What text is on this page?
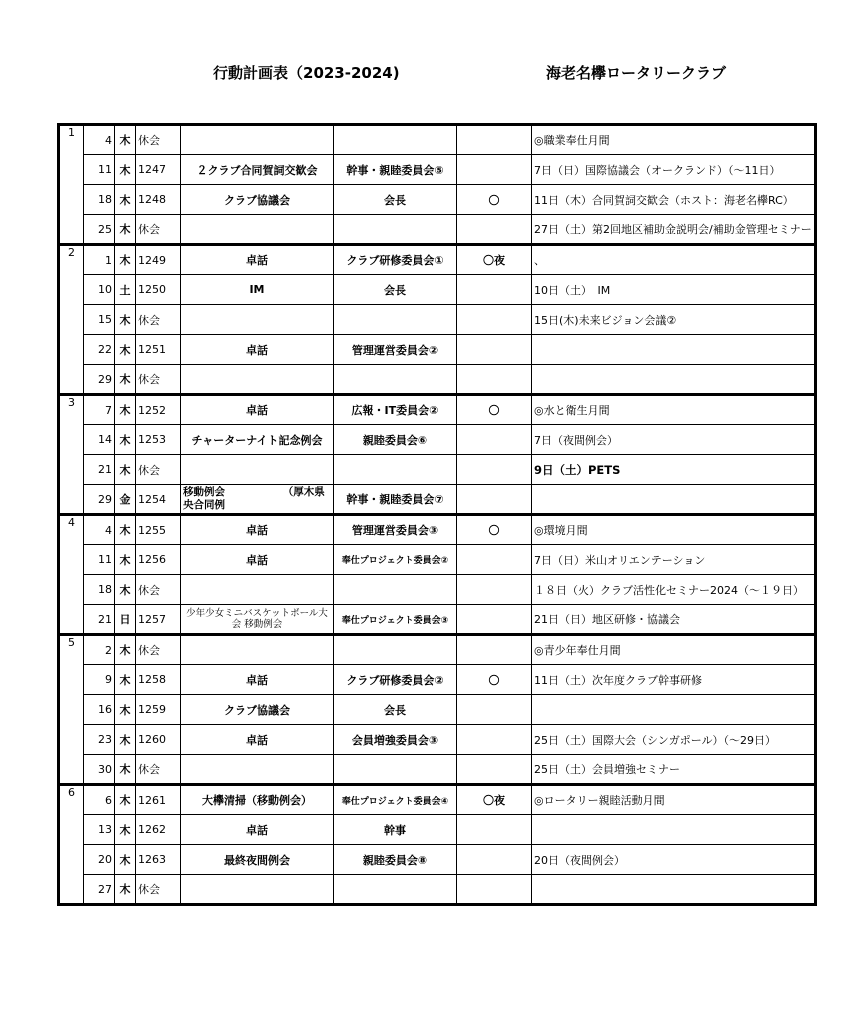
行動計画表（2023-2024)	海老名欅ロータリークラブ
1	4	木	休会				◎職業奉仕月間
	11	木	1247	２クラブ合同賀詞交歓会	幹事・親睦委員会⑤		7日（日）国際協議会（オークランド）（～11日）
	18	木	1248	クラブ協議会	会長	〇	11日（木）合同賀詞交歓会（ホスト：海老名欅RC）
	25	木	休会				27日（土）第2回地区補助金説明会/補助金管理セミナー
2	1	木	1249	卓話	クラブ研修委員会①	〇夜	、
	10	土	1250	IM	会長		10日（土）　IM
	15	木	休会				15日(木)未来ビジョン会議②
	22	木	1251	卓話	管理運営委員会②		
	29	木	休会				
3	7	木	1252	卓話	広報・IT委員会②	〇	◎水と衛生月間
	14	木	1253	チャーターナイト記念例会	親睦委員会⑥		7日（夜間例会）
	21	木	休会				9日（土）PETS
	29	金	1254	移動例会　　　　　　（厚木県央合同例	幹事・親睦委員会⑦		
4	4	木	1255	卓話	管理運営委員会③	〇	◎環境月間
	11	木	1256	卓話	奉仕プロジェクト委員会②		7日（日）米山オリエンテーション
	18	木	休会				１８日（火）クラブ活性化セミナー2024（～１９日）
	21	日	1257	少年少女ミニバスケットボール大会 移動例会	奉仕プロジェクト委員会③		21日（日）地区研修・協議会
5	2	木	休会				◎青少年奉仕月間
	9	木	1258	卓話	クラブ研修委員会②	〇	11日（土）次年度クラブ幹事研修
	16	木	1259	クラブ協議会	会長		
	23	木	1260	卓話	会員増強委員会③		25日（土）国際大会（シンガポール）（～29日）
	30	木	休会				25日（土）会員増強セミナー
6	6	木	1261	大欅清掃（移動例会）	奉仕プロジェクト委員会④	〇夜	◎ロータリー親睦活動月間
	13	木	1262	卓話	幹事		
	20	木	1263	最終夜間例会	親睦委員会⑧		20日（夜間例会）
	27	木	休会				
